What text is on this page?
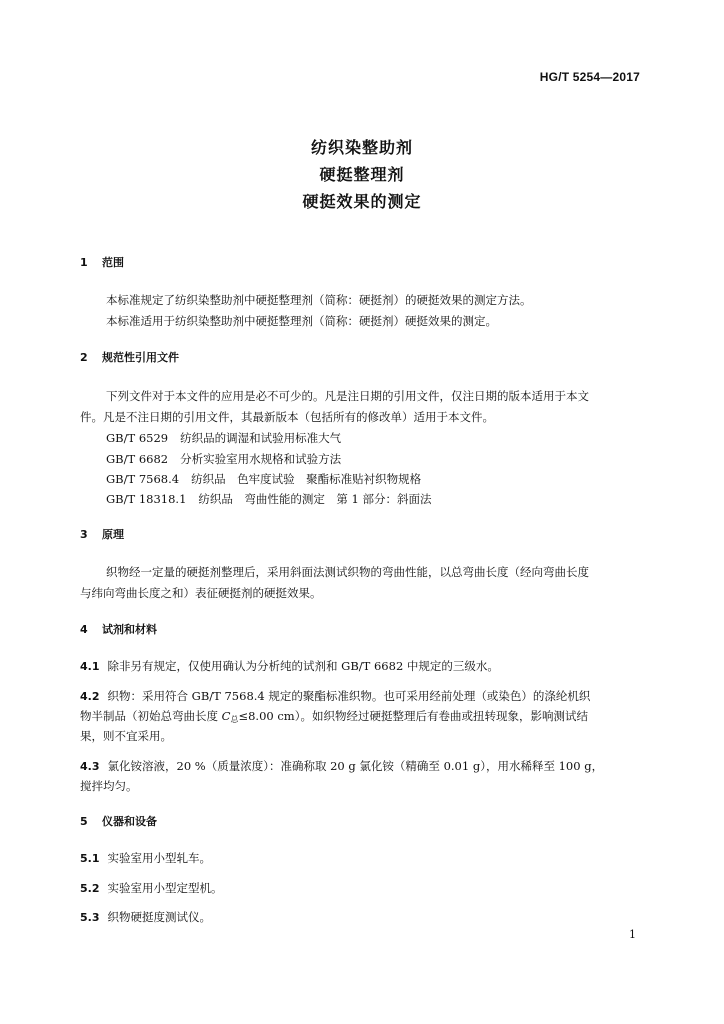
HG/T 5254—2017
纺织染整助剂
硬挺整理剂
硬挺效果的测定
1 范围
本标准规定了纺织染整助剂中硬挺整理剂（简称：硬挺剂）的硬挺效果的测定方法。
本标准适用于纺织染整助剂中硬挺整理剂（简称：硬挺剂）硬挺效果的测定。
2 规范性引用文件
下列文件对于本文件的应用是必不可少的。凡是注日期的引用文件，仅注日期的版本适用于本文
件。凡是不注日期的引用文件，其最新版本（包括所有的修改单）适用于本文件。
GB/T 6529 纺织品的调湿和试验用标准大气
GB/T 6682 分析实验室用水规格和试验方法
GB/T 7568.4 纺织品　色牢度试验　聚酯标准贴衬织物规格
GB/T 18318.1 纺织品　弯曲性能的测定　第 1 部分：斜面法
3 原理
织物经一定量的硬挺剂整理后，采用斜面法测试织物的弯曲性能，以总弯曲长度（经向弯曲长度
与纬向弯曲长度之和）表征硬挺剂的硬挺效果。
4 试剂和材料
4.1 除非另有规定，仅使用确认为分析纯的试剂和 GB/T 6682 中规定的三级水。
4.2 织物：采用符合 GB/T 7568.4 规定的聚酯标准织物。也可采用经前处理（或染色）的涤纶机织
物半制品（初始总弯曲长度 C总≤8.00 cm）。如织物经过硬挺整理后有卷曲或扭转现象，影响测试结
果，则不宜采用。
4.3 氯化铵溶液，20 %（质量浓度）：准确称取 20 g 氯化铵（精确至 0.01 g），用水稀释至 100 g，
搅拌均匀。
5 仪器和设备
5.1 实验室用小型轧车。
5.2 实验室用小型定型机。
5.3 织物硬挺度测试仪。
1
